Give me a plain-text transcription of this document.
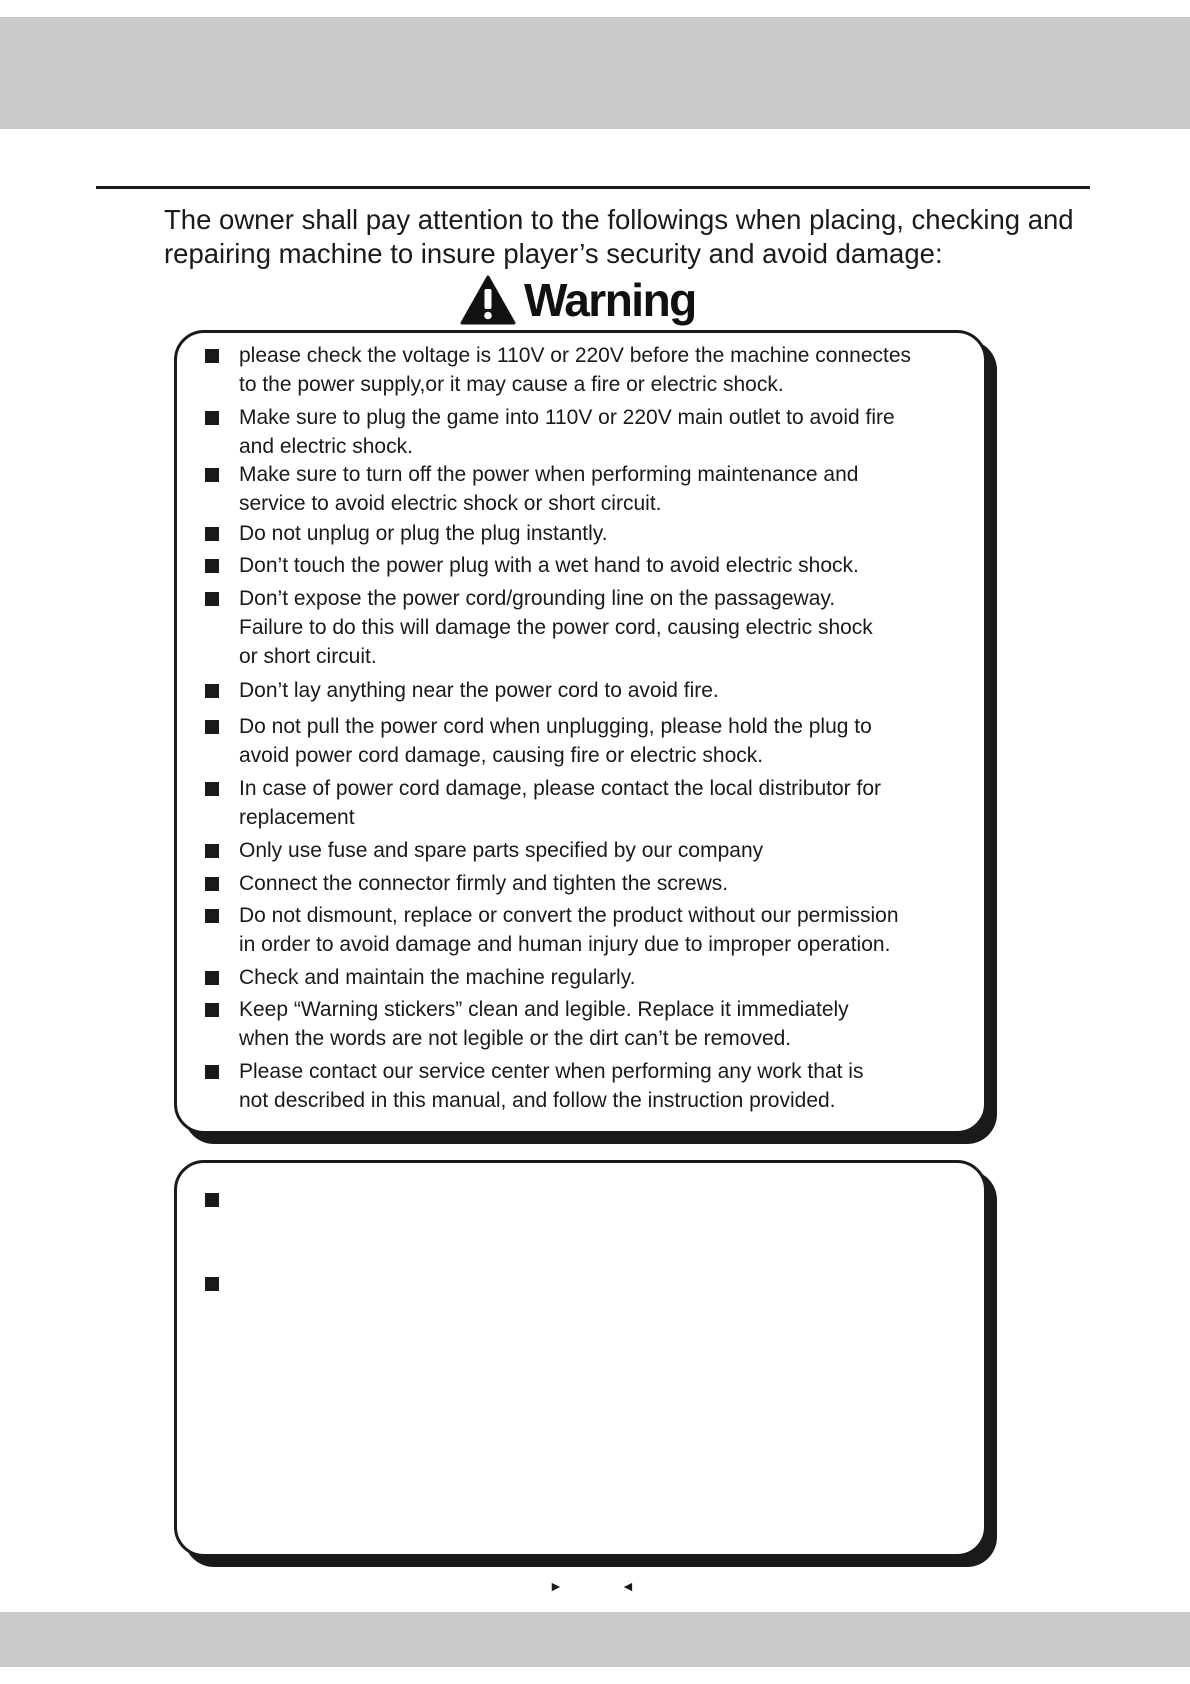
The owner shall pay attention to the followings when placing, checking and repairing machine to insure player’s security and avoid damage:

Warning

please check the voltage is 110V or 220V before the machine connectes
to the power supply,or it may cause a fire or electric shock.

Make sure to plug the game into 110V or 220V main outlet to avoid fire
and electric shock.

Make sure to turn off the power when performing maintenance and
service to avoid electric shock or short circuit.

Do not unplug or plug the plug instantly.

Don’t touch the power plug with a wet hand to avoid electric shock.

Don’t expose the power cord/grounding line on the passageway.
Failure to do this will damage the power cord, causing electric shock
or short circuit.

Don’t lay anything near the power cord to avoid fire.

Do not pull the power cord when unplugging, please hold the plug to
avoid power cord damage, causing fire or electric shock.

In case of power cord damage, please contact the local distributor for
replacement

Only use fuse and spare parts specified by our company

Connect the connector firmly and tighten the screws.

Do not dismount, replace or convert the product without our permission
in order to avoid damage and human injury due to improper operation.

Check and maintain the machine regularly.

Keep “Warning stickers” clean and legible. Replace it immediately
when the words are not legible or the dirt can’t be removed.

Please contact our service center when performing any work that is
not described in this manual, and follow the instruction provided.

►	◄
